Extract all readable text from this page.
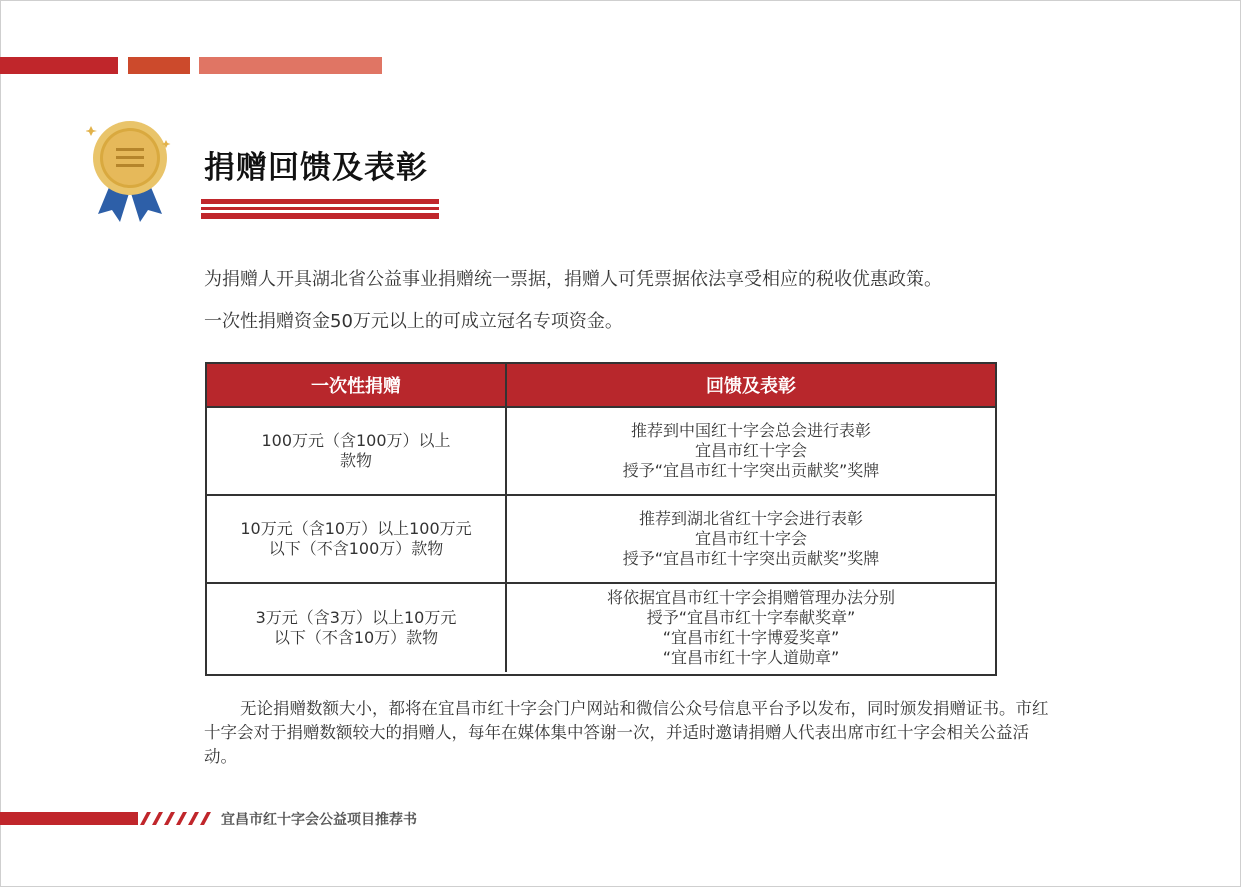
捐赠回馈及表彰
为捐赠人开具湖北省公益事业捐赠统一票据，捐赠人可凭票据依法享受相应的税收优惠政策。
一次性捐赠资金50万元以上的可成立冠名专项资金。
一次性捐赠	回馈及表彰
100万元（含100万）以上
款物
推荐到中国红十字会总会进行表彰
宜昌市红十字会
授予“宜昌市红十字突出贡献奖”奖牌
10万元（含10万）以上100万元
以下（不含100万）款物
推荐到湖北省红十字会进行表彰
宜昌市红十字会
授予“宜昌市红十字突出贡献奖”奖牌
3万元（含3万）以上10万元
以下（不含10万）款物
将依据宜昌市红十字会捐赠管理办法分别
授予“宜昌市红十字奉献奖章”
“宜昌市红十字博爱奖章”
“宜昌市红十字人道勋章”
无论捐赠数额大小，都将在宜昌市红十字会门户网站和微信公众号信息平台予以发布，同时颁发捐赠证书。市红十字会对于捐赠数额较大的捐赠人，每年在媒体集中答谢一次，并适时邀请捐赠人代表出席市红十字会相关公益活动。
宜昌市红十字会公益项目推荐书
